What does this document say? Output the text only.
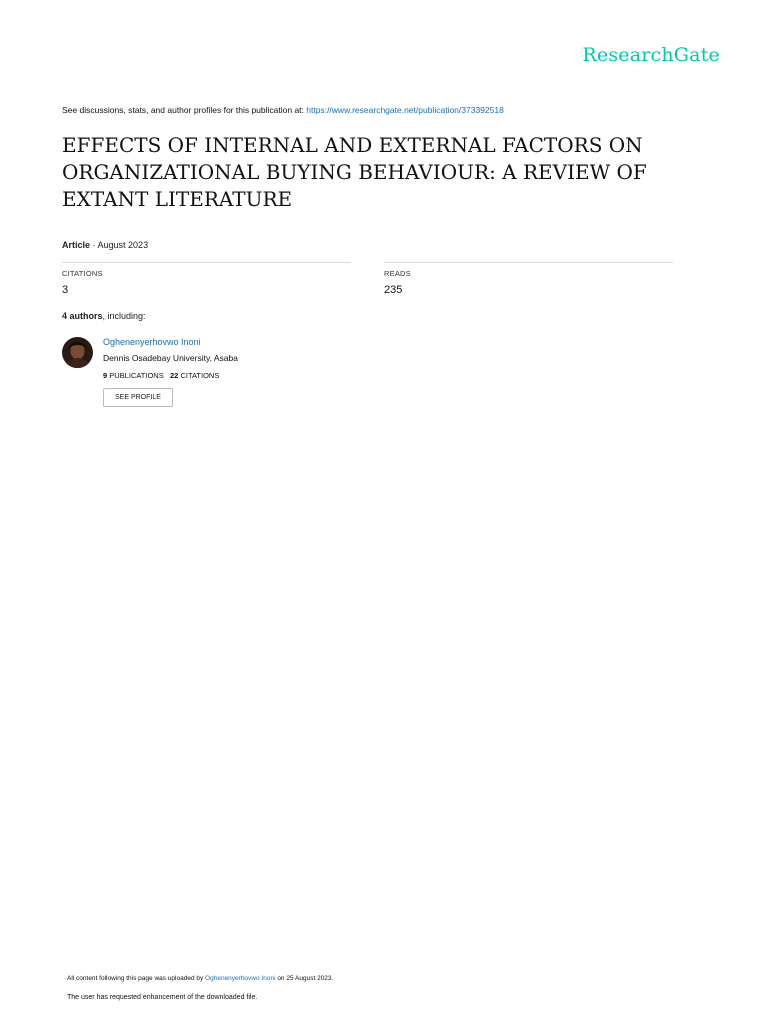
ResearchGate
See discussions, stats, and author profiles for this publication at: https://www.researchgate.net/publication/373392518
EFFECTS OF INTERNAL AND EXTERNAL FACTORS ON ORGANIZATIONAL BUYING BEHAVIOUR: A REVIEW OF EXTANT LITERATURE
Article · August 2023
CITATIONS
3
READS
235
4 authors, including:
Oghenenyerhovwo Inoni
Dennis Osadebay University, Asaba
9 PUBLICATIONS 22 CITATIONS
SEE PROFILE
All content following this page was uploaded by Oghenenyerhovwo Inoni on 25 August 2023.
The user has requested enhancement of the downloaded file.
